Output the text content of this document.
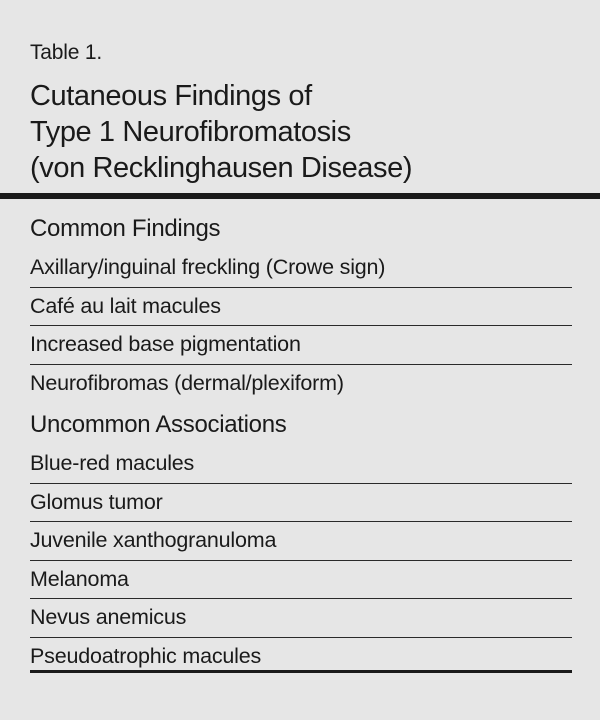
Table 1.
Cutaneous Findings of
Type 1 Neurofibromatosis
(von Recklinghausen Disease)
Common Findings
Axillary/inguinal freckling (Crowe sign)
Café au lait macules
Increased base pigmentation
Neurofibromas (dermal/plexiform)
Uncommon Associations
Blue-red macules
Glomus tumor
Juvenile xanthogranuloma
Melanoma
Nevus anemicus
Pseudoatrophic macules
